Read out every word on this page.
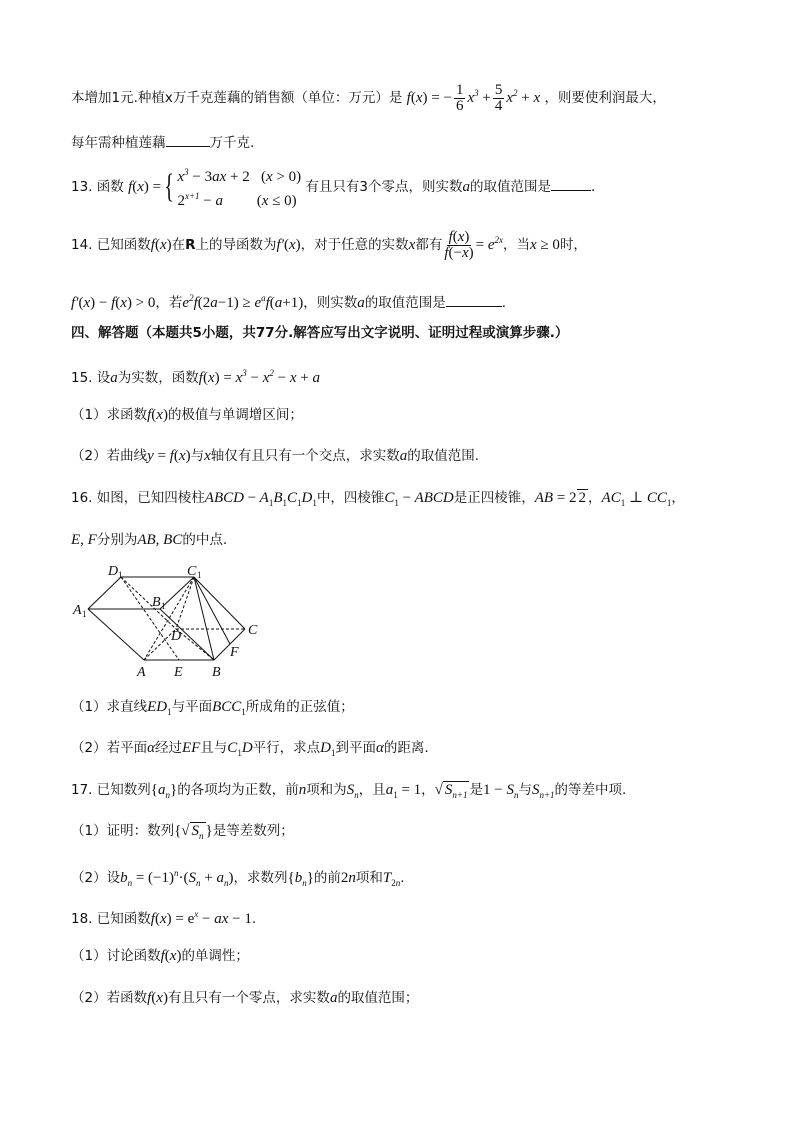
本增加1元.种植x万千克莲藕的销售额（单位：万元）是 f(x) = − $\frac{1}{6} x^3 + \frac{5}{4} x^2 + x$ ，则要使利润最大，
每年需种植莲藕	万千克.
13. 函数 f(x) ={ $x^3 - 3ax + 2$ (x > 0)
$2^{x+1} - a$         (x ≤ 0)
有且只有3个零点，则实数a的取值范围是	.
14. 已知函数f(x)在R上的导函数为f′(x)，对于任意的实数x都有 $\frac{f(x)}{f(-x)} = e^{2x}$，当x ≥ 0时，
f′(x) − f(x) > 0，若$e^2f(2a-1) \ge e^af(a+1)$，则实数a的取值范围是	.
四、解答题（本题共5小题，共77分.解答应写出文字说明、证明过程或演算步骤.）
15. 设a为实数，函数$f(x) = x^3 - x^2 - x + a$
（1）求函数f(x)的极值与单调增区间；
（2）若曲线y = f(x)与x轴仅有且只有一个交点，求实数a的取值范围.
16. 如图，已知四棱柱ABCD − $A_1B_1C_1D_1$中，四棱锥$C_1$ − ABCD是正四棱锥，AB = 2 2 ，$AC_1$ ⊥ $CC_1$，
E, F分别为AB, BC的中点.
D 1	C 1
B 1
A 1
D	C
F
A E B
（1）求直线$ED_1$与平面$BCC_1$所成角的正弦值；
（2）若平面α经过EF且与$C_1D$平行，求点$D_1$到平面α的距离.
17. 已知数列$\{a_n\}$的各项均为正数，前n项和为$S_n$，且$a_1 = 1$，√ $S_{n+1}$ 是$1 - S_n$与$S_{n+1}$的等差中项.
（1）证明：数列{√ $S_n$ }是等差数列；
（2）设$b_n = (-1)^n\cdot(S_n + a_n)$，求数列$\{b_n\}$的前2n项和$T_{2n}$.
18. 已知函数$f(x) = e^x$ − ax − 1.
（1）讨论函数f(x)的单调性；
（2）若函数f(x)有且只有一个零点，求实数a的取值范围；
